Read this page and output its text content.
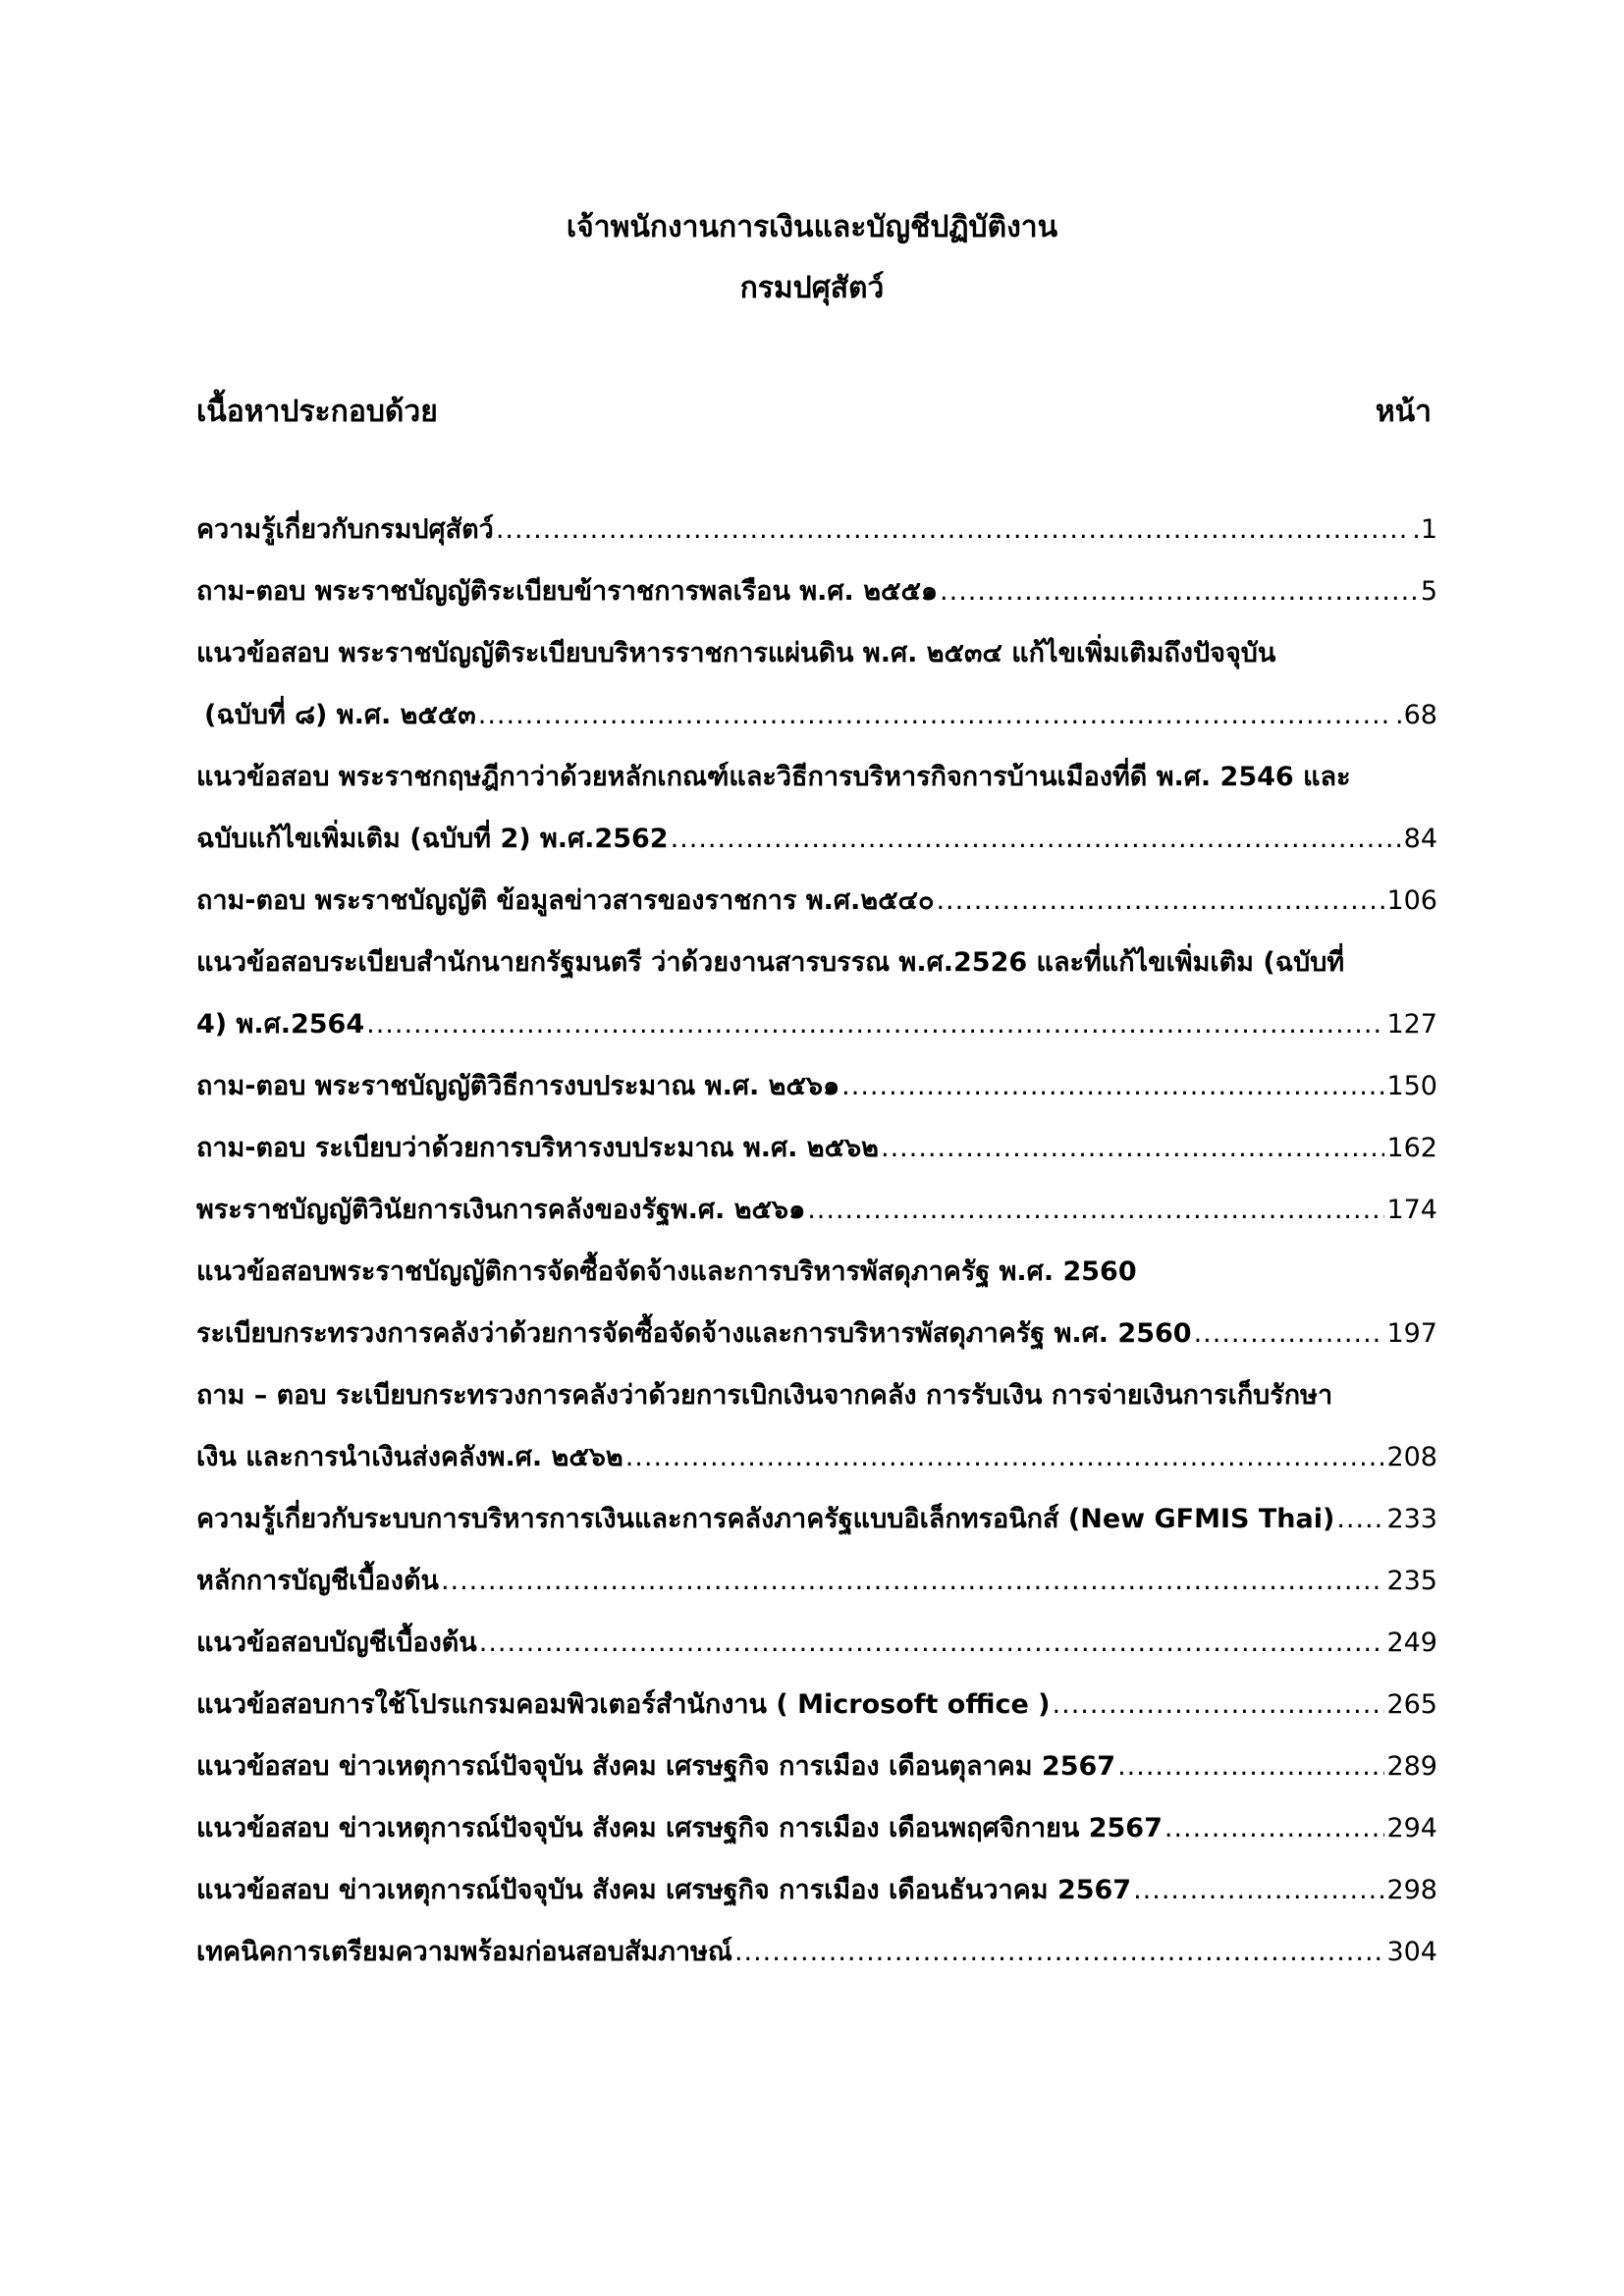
เจ้าพนักงานการเงินและบัญชีปฏิบัติงาน
กรมปศุสัตว์
เนื้อหาประกอบด้วย	หน้า
ความรู้เกี่ยวกับกรมปศุสัตว์ .....	.1
ถาม-ตอบ พระราชบัญญัติระเบียบข้าราชการพลเรือน พ.ศ. ๒๕๕๑ .....	5
แนวข้อสอบ พระราชบัญญัติระเบียบบริหารราชการแผ่นดิน พ.ศ. ๒๕๓๔ แก้ไขเพิ่มเติมถึงปัจจุบัน
(ฉบับที่ ๘) พ.ศ. ๒๕๕๓ .....	.68
แนวข้อสอบ พระราชกฤษฎีกาว่าด้วยหลักเกณฑ์และวิธีการบริหารกิจการบ้านเมืองที่ดี พ.ศ. 2546 และ
ฉบับแก้ไขเพิ่มเติม (ฉบับที่ 2) พ.ศ.2562 .....	84
ถาม-ตอบ พระราชบัญญัติ ข้อมูลข่าวสารของราชการ พ.ศ.๒๕๔๐ .....	106
แนวข้อสอบระเบียบสำนักนายกรัฐมนตรี ว่าด้วยงานสารบรรณ พ.ศ.2526 และที่แก้ไขเพิ่มเติม (ฉบับที่
4) พ.ศ.2564 .....	127
ถาม-ตอบ พระราชบัญญัติวิธีการงบประมาณ พ.ศ. ๒๕๖๑ .....	150
ถาม-ตอบ ระเบียบว่าด้วยการบริหารงบประมาณ พ.ศ. ๒๕๖๒ .....	162
พระราชบัญญัติวินัยการเงินการคลังของรัฐพ.ศ. ๒๕๖๑ .....	174
แนวข้อสอบพระราชบัญญัติการจัดซื้อจัดจ้างและการบริหารพัสดุภาครัฐ พ.ศ. 2560
ระเบียบกระทรวงการคลังว่าด้วยการจัดซื้อจัดจ้างและการบริหารพัสดุภาครัฐ พ.ศ. 2560 .....	197
ถาม – ตอบ ระเบียบกระทรวงการคลังว่าด้วยการเบิกเงินจากคลัง การรับเงิน การจ่ายเงินการเก็บรักษา
เงิน และการนำเงินส่งคลังพ.ศ. ๒๕๖๒ .....	208
ความรู้เกี่ยวกับระบบการบริหารการเงินและการคลังภาครัฐแบบอิเล็กทรอนิกส์ (New GFMIS Thai) ..... 233
หลักการบัญชีเบื้องต้น .....	235
แนวข้อสอบบัญชีเบื้องต้น .....	249
แนวข้อสอบการใช้โปรแกรมคอมพิวเตอร์สำนักงาน ( Microsoft office ) .....	265
แนวข้อสอบ ข่าวเหตุการณ์ปัจจุบัน สังคม เศรษฐกิจ การเมือง เดือนตุลาคม 2567 .....	289
แนวข้อสอบ ข่าวเหตุการณ์ปัจจุบัน สังคม เศรษฐกิจ การเมือง เดือนพฤศจิกายน 2567 .....	294
แนวข้อสอบ ข่าวเหตุการณ์ปัจจุบัน สังคม เศรษฐกิจ การเมือง เดือนธันวาคม 2567 .....	298
เทคนิคการเตรียมความพร้อมก่อนสอบสัมภาษณ์ .....	304
